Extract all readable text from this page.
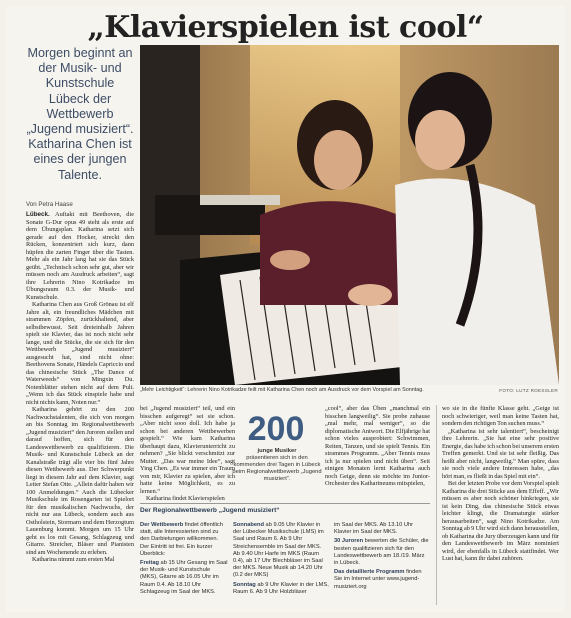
„Klavierspielen ist cool“
Morgen beginnt an der Musik- und Kunstschule Lübeck der Wettbewerb „Jugend musiziert“. Katharina Chen ist eines der jungen Talente.
Von Petra Haase

Lübeck. Auftakt mit Beethoven, die Sonate G-Dur opus 49 steht als erste auf dem Übungsplan. Katharina setzt sich gerade auf den Hocker, streckt den Rücken, konzentriert sich kurz, dann hüpfen die zarten Finger über die Tasten. Mehr als ein Jahr lang hat sie das Stück geübt. „Technisch schon sehr gut, aber wir müssen noch am Ausdruck arbeiten“, sagt ihre Lehrerin Nino Kotrikadze im Übungsraum 0.3. der Musik- und Kunstschule.

Katharina Chen aus Groß Grönau ist elf Jahre alt, ein freundliches Mädchen mit strammen Zöpfen, zurückhaltend, aber selbstbewusst. Seit dreieinhalb Jahren spielt sie Klavier, das ist noch nicht sehr lange, und die Stücke, die sie sich für den Wettbewerb „Jugend musiziert“ ausgesucht hat, sind nicht ohne: Beethovens Sonate, Händels Capriccio und das chinesische Stück „The Dance of Waterweeds“ von Mingxin Du. Notenblätter stehen nicht auf dem Pult. „Wenn ich das Stück einspiele habe und nicht nichts kann, Noten nur.“

Katharina gehört zu den 200 Nachwuchstalenten, die sich von morgen an bis Sonntag im Regionalwettbewerb „Jugend musiziert“ den Juroren stellen und darauf hoffen, sich für den Landeswettbewerb zu qualifizieren. Die Musik- und Kunstschule Lübeck an der Kanalstraße trägt alle vier bis fünf Jahre diesen Wettbewerb aus. Der Schwerpunkt liegt in diesem Jahr auf dem Klavier, sagt Leiter Stefan Otte. „Allein dafür haben wir 100 Anmeldungen.“ Auch die Lübecker Musikschule im Rosengarten ist Spielort für den musikalischen Nachwuchs, der nicht nur aus Lübeck, sondern auch aus Ostholstein, Stormarn und dem Herzogtum Lauenburg kommt. Morgen um 15 Uhr geht es los mit Gesang, Schlagzeug und Gitarre. Streicher, Bläser und Pianisten sind am Wochenende zu erleben.

Katharina nimmt zum ersten Mal

„Mehr Leichtigkeit“: Lehrerin Nino Kotrikadze feilt mit Katharina Chen noch am Ausdruck vor dem Vorspiel am Sonntag.	FOTO: LUTZ ROESSLER

bei „Jugend musiziert“ teil, und ein bisschen aufgeregt“ sei sie schon. „Aber nicht sooo doll. Ich habe ja schon bei anderen Wettbewerben gespielt.“ Wie kam Katharina überhaupt dazu, Klavierunterricht zu nehmen? „Sie blickt verschmitzt zur Mutter. „Das war meine Idee“, sagt Ying Chen. „Es war immer ein Traum von mir, Klavier zu spielen, aber ich hatte keine Möglichkeit, es zu lernen.“

Katharina findet Klavierspielen

200
junge Musiker
präsentieren sich in den kommenden drei Tagen in Lübeck beim Regionalwettbewerb „Jugend musiziert“.

„cool“, aber das Üben „manchmal ein bisschen langweilig“. Sie probe zuhause „mal mehr, mal weniger“, so die diplomatische Antwort. Die Elfjährige hat schon vieles ausprobiert: Schwimmen, Reiten, Tanzen, und sie spielt Tennis. Ein strammes Programm. „Aber Tennis muss ich ja nur spielen und nicht üben“. Seit einigen Monaten lernt Katharina auch noch Geige, denn sie möchte im Junior-Orchester des Katharineums mitspielen,

wo sie in die fünfte Klasse geht. „Geige ist noch schwieriger, weil man keine Tasten hat, sondern den richtigen Ton suchen muss.“

„Katharina ist sehr talentiert“, bescheinigt ihre Lehrerin. „Sie hat eine sehr positive Energie, das habe ich schon bei unserem ersten Treffen gemerkt. Und sie ist sehr fleißig. Das heißt aber nicht, langweilig.“ Man spüre, dass sie noch viele andere Interessen habe, „das hört man, es fließt in das Spiel mit ein“.

Bei der letzten Probe vor dem Vorspiel spielt Katharina die drei Stücke aus dem Effeff. „Wir müssen es aber noch schöner hinkriegen, sie ist kein Ding, das chinesische Stück etwas leichter klingt, die Dramaturgie stärker herausarbeiten“, sagt Nino Kotrikadze. Am Sonntag ab 9 Uhr wird sich dann herausstellen, ob Katharina die Jury überzeugen kann und für den Landeswettbewerb im März nominiert wird, der ebenfalls in Lübeck stattfindet. Wer Lust hat, kann ihr dabei zuhören.

Der Regionalwettbewerb „Jugend musiziert“

Der Wettbewerb findet öffentlich statt, alle Interessierten sind zu den Darbietungen willkommen. Der Eintritt ist frei. Ein kurzer Überblick:

Freitag ab 15 Uhr Gesang im Saal der Musik- und Kunstschule (MKS), Gitarre ab 16.05 Uhr im Raum 0.4. Ab 18.10 Uhr Schlagzeug im Saal der MKS.

Sonnabend ab 9.05 Uhr Klavier in der Lübecker Musikschule (LMS) im Saal und Raum 6. Ab 9 Uhr Streichensemble im Saal der MKS. Ab 9.40 Uhr Harfe im MKS (Raum 0.4), ab 17 Uhr Blechbläser im Saal der MKS. Neue Musik ab 14.20 Uhr (0.2 der MKS)

Sonntag ab 9 Uhr Klavier in der LMS, Raum 6. Ab 9 Uhr Holzbläser

im Saal der MKS. Ab 13.10 Uhr Klavier im Saal der MKS.

30 Juroren bewerten die Schüler, die besten qualifizieren sich für den Landeswettbewerb am 18./19. März in Lübeck.

Das detaillierte Programm finden Sie im Internet unter www.jugend-musiziert.org
